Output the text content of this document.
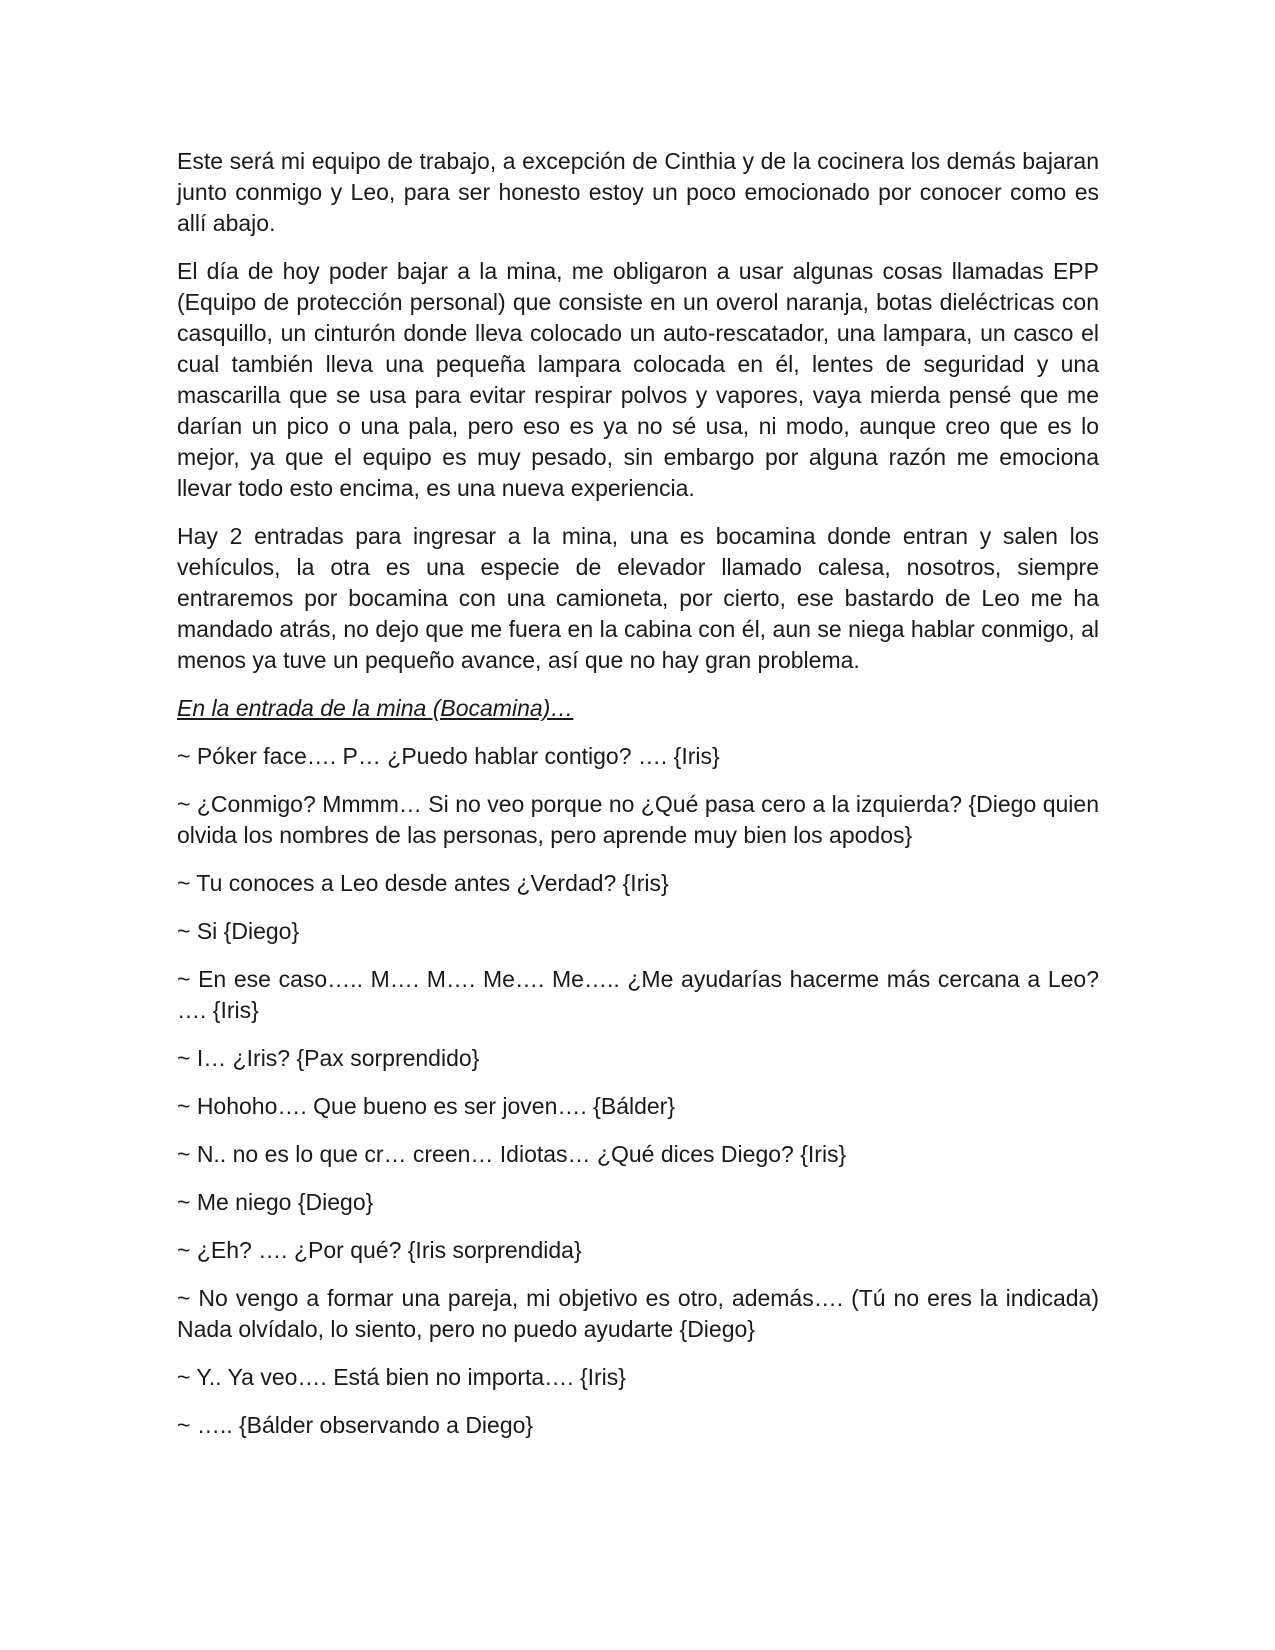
Este será mi equipo de trabajo, a excepción de Cinthia y de la cocinera los demás bajaran junto conmigo y Leo, para ser honesto estoy un poco emocionado por conocer como es allí abajo.

El día de hoy poder bajar a la mina, me obligaron a usar algunas cosas llamadas EPP (Equipo de protección personal) que consiste en un overol naranja, botas dieléctricas con casquillo, un cinturón donde lleva colocado un auto-rescatador, una lampara, un casco el cual también lleva una pequeña lampara colocada en él, lentes de seguridad y una mascarilla que se usa para evitar respirar polvos y vapores, vaya mierda pensé que me darían un pico o una pala, pero eso es ya no sé usa, ni modo, aunque creo que es lo mejor, ya que el equipo es muy pesado, sin embargo por alguna razón me emociona llevar todo esto encima, es una nueva experiencia.

Hay 2 entradas para ingresar a la mina, una es bocamina donde entran y salen los vehículos, la otra es una especie de elevador llamado calesa, nosotros, siempre entraremos por bocamina con una camioneta, por cierto, ese bastardo de Leo me ha mandado atrás, no dejo que me fuera en la cabina con él, aun se niega hablar conmigo, al menos ya tuve un pequeño avance, así que no hay gran problema.

En la entrada de la mina (Bocamina)…

~ Póker face…. P… ¿Puedo hablar contigo? …. {Iris}

~ ¿Conmigo? Mmmm… Si no veo porque no ¿Qué pasa cero a la izquierda? {Diego quien olvida los nombres de las personas, pero aprende muy bien los apodos}

~ Tu conoces a Leo desde antes ¿Verdad? {Iris}

~ Si {Diego}

~ En ese caso….. M…. M…. Me…. Me….. ¿Me ayudarías hacerme más cercana a Leo? …. {Iris}

~ I… ¿Iris? {Pax sorprendido}

~ Hohoho…. Que bueno es ser joven…. {Bálder}

~ N.. no es lo que cr… creen… Idiotas… ¿Qué dices Diego? {Iris}

~ Me niego {Diego}

~ ¿Eh? …. ¿Por qué? {Iris sorprendida}

~ No vengo a formar una pareja, mi objetivo es otro, además…. (Tú no eres la indicada) Nada olvídalo, lo siento, pero no puedo ayudarte {Diego}

~ Y.. Ya veo…. Está bien no importa…. {Iris}

~ ….. {Bálder observando a Diego}
